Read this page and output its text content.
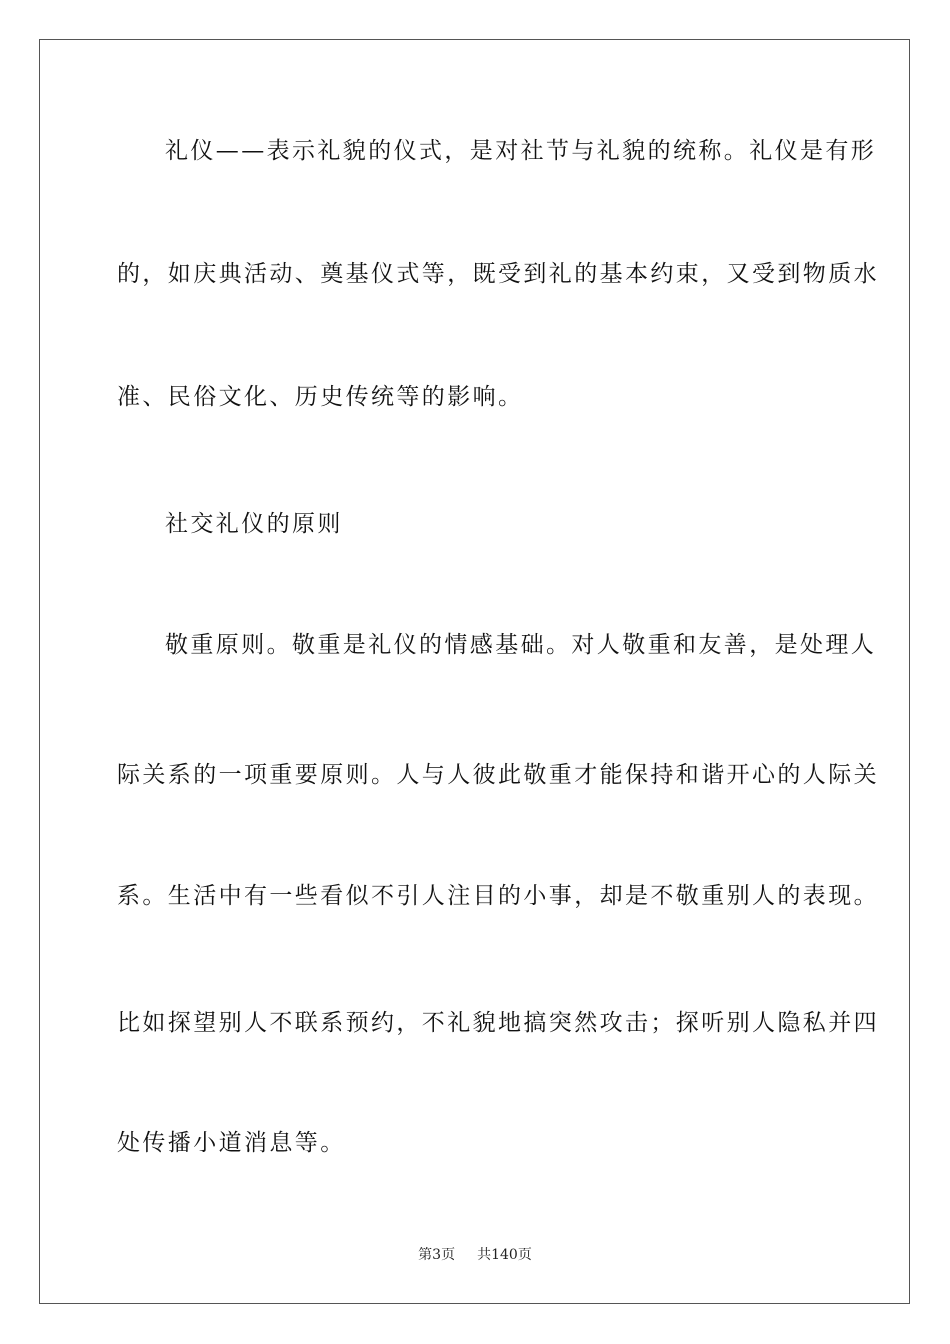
礼仪——表示礼貌的仪式，是对社节与礼貌的统称。礼仪是有形
的，如庆典活动、奠基仪式等，既受到礼的基本约束，又受到物质水
准、民俗文化、历史传统等的影响。
社交礼仪的原则
敬重原则。敬重是礼仪的情感基础。对人敬重和友善，是处理人
际关系的一项重要原则。人与人彼此敬重才能保持和谐开心的人际关
系。生活中有一些看似不引人注目的小事，却是不敬重别人的表现。
比如探望别人不联系预约，不礼貌地搞突然攻击；探听别人隐私并四
处传播小道消息等。
第3页 共140页
